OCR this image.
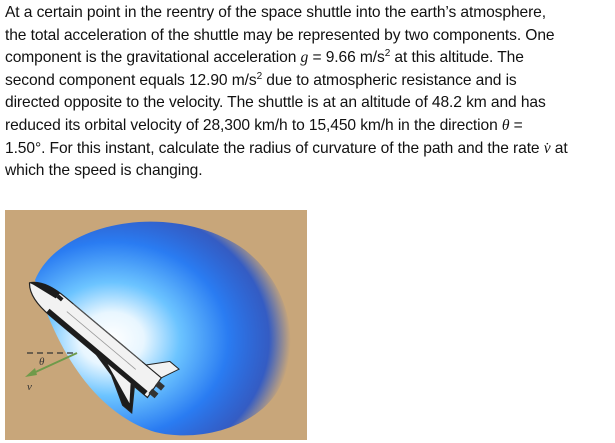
At a certain point in the reentry of the space shuttle into the earth’s atmosphere,
the total acceleration of the shuttle may be represented by two components. One
component is the gravitational acceleration g = 9.66 $m/s^2$ at this altitude. The
second component equals 12.90 $m/s^2$ due to atmospheric resistance and is
directed opposite to the velocity. The shuttle is at an altitude of 48.2 km and has
reduced its orbital velocity of 28,300 km/h to 15,450 km/h in the direction θ =
1.50°. For this instant, calculate the radius of curvature of the path and the rate v̇ at
which the speed is changing.
θ
v
